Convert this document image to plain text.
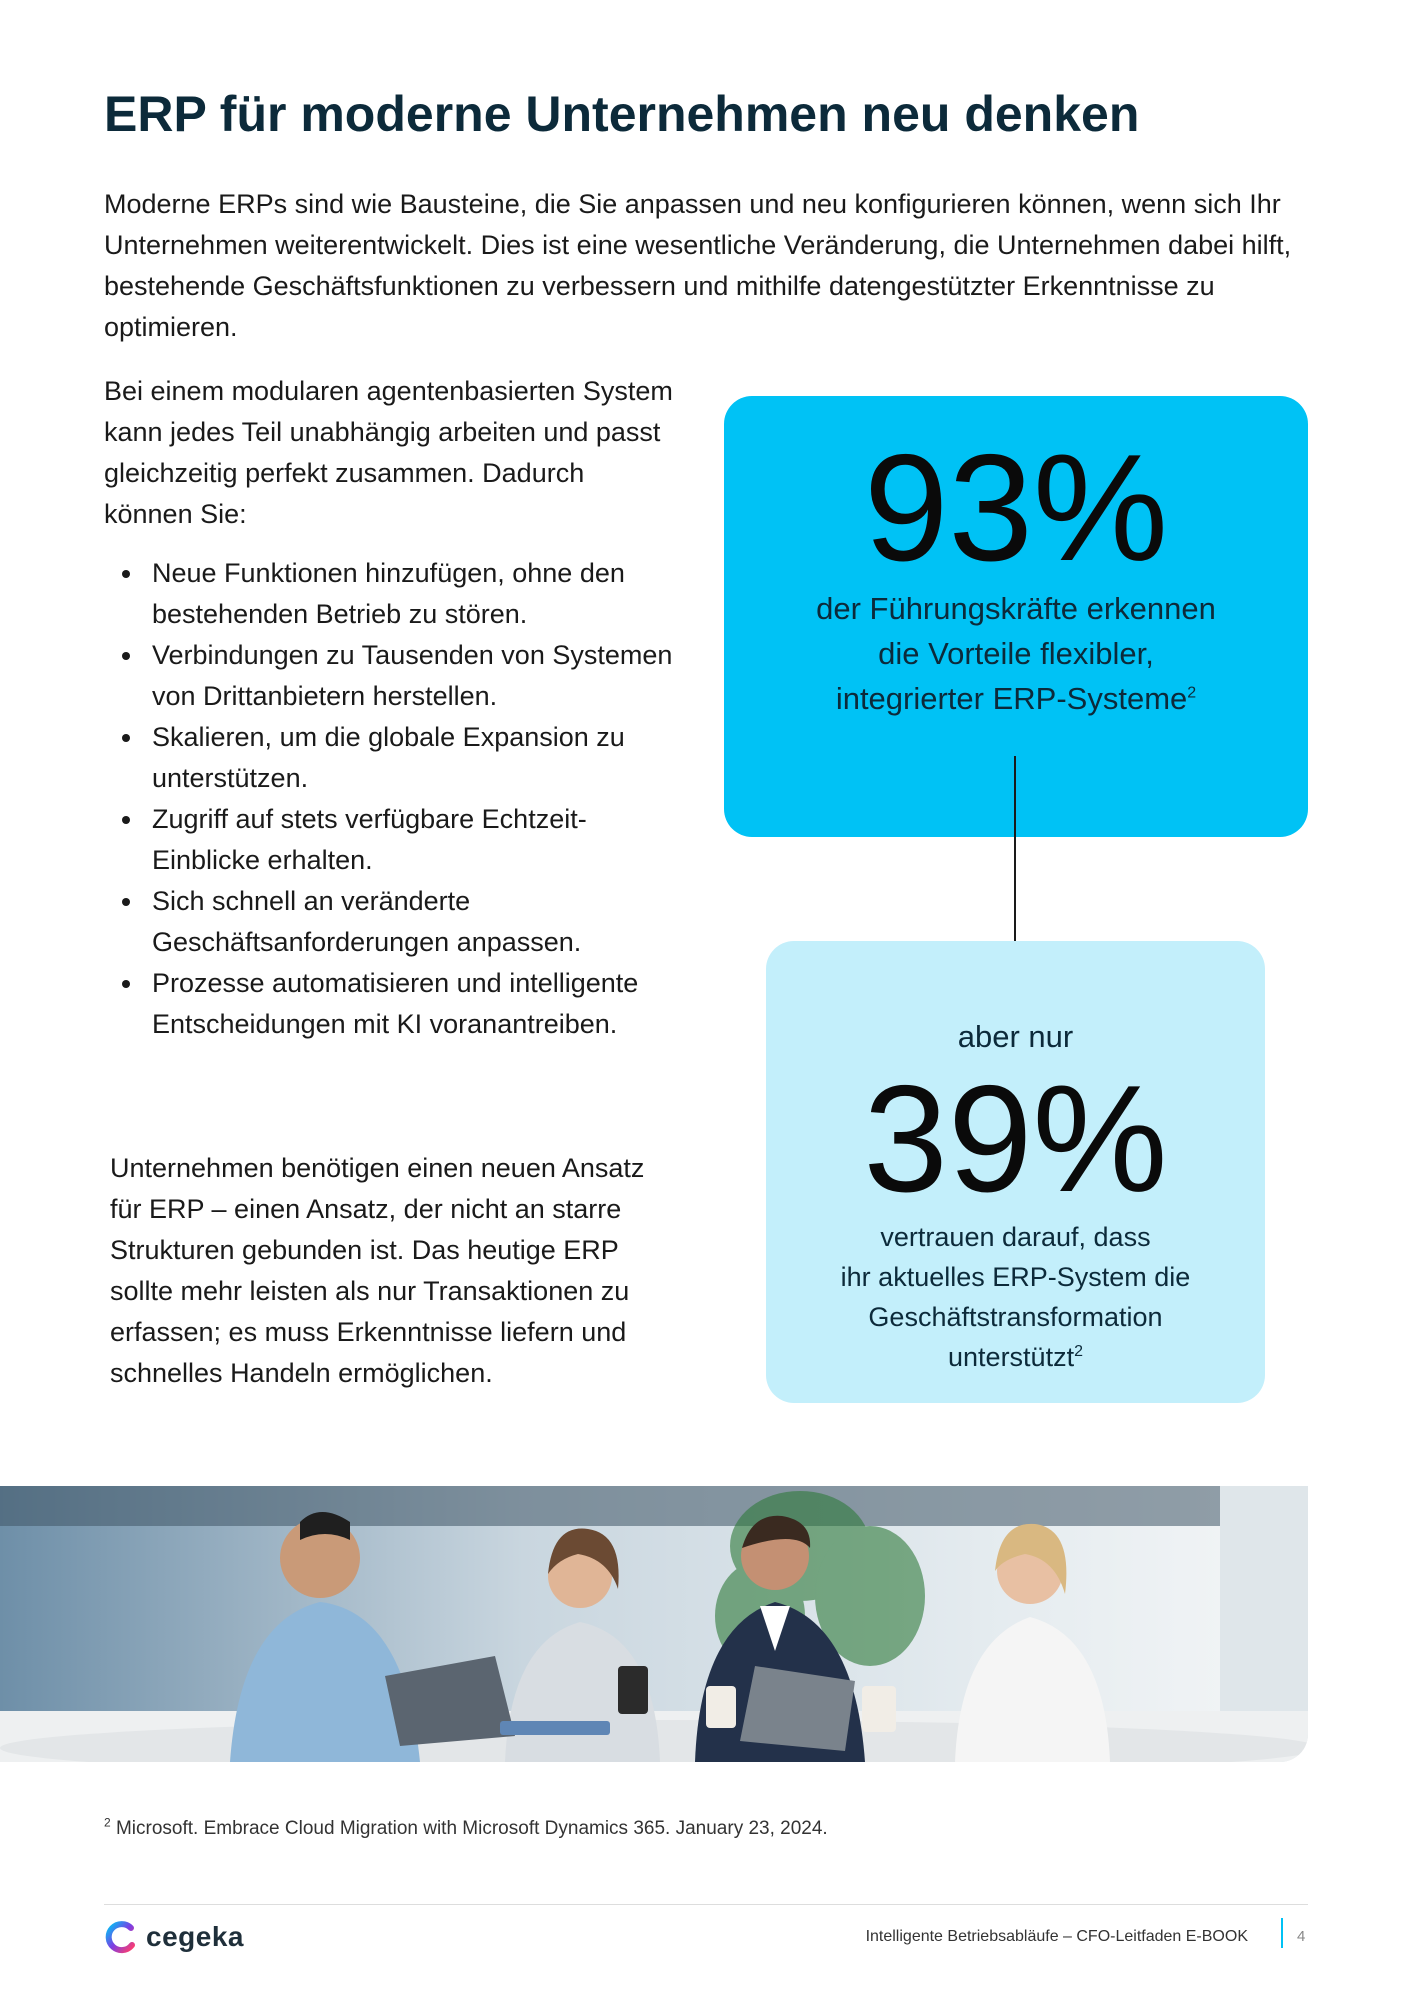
ERP für moderne Unternehmen neu denken

Moderne ERPs sind wie Bausteine, die Sie anpassen und neu konfigurieren können, wenn sich Ihr Unternehmen weiterentwickelt. Dies ist eine wesentliche Veränderung, die Unternehmen dabei hilft, bestehende Geschäftsfunktionen zu verbessern und mithilfe datengestützter Erkenntnisse zu optimieren.

Bei einem modularen agentenbasierten System kann jedes Teil unabhängig arbeiten und passt gleichzeitig perfekt zusammen. Dadurch können Sie:

Neue Funktionen hinzufügen, ohne den bestehenden Betrieb zu stören.
Verbindungen zu Tausenden von Systemen von Drittanbietern herstellen.
Skalieren, um die globale Expansion zu unterstützen.
Zugriff auf stets verfügbare Echtzeit-Einblicke erhalten.
Sich schnell an veränderte Geschäftsanforderungen anpassen.
Prozesse automatisieren und intelligente Entscheidungen mit KI voranantreiben.

Unternehmen benötigen einen neuen Ansatz für ERP – einen Ansatz, der nicht an starre Strukturen gebunden ist. Das heutige ERP sollte mehr leisten als nur Transaktionen zu erfassen; es muss Erkenntnisse liefern und schnelles Handeln ermöglichen.

93%
der Führungskräfte erkennen
die Vorteile flexibler,
integrierter ERP-Systeme$^2$
aber nur
39%
vertrauen darauf, dass
ihr aktuelles ERP-System die
Geschäftstransformation
unterstützt$^2$
$^2$ Microsoft. Embrace Cloud Migration with Microsoft Dynamics 365. January 23, 2024.
cegeka	Intelligente Betriebsabläufe – CFO-Leitfaden E-BOOK	4
